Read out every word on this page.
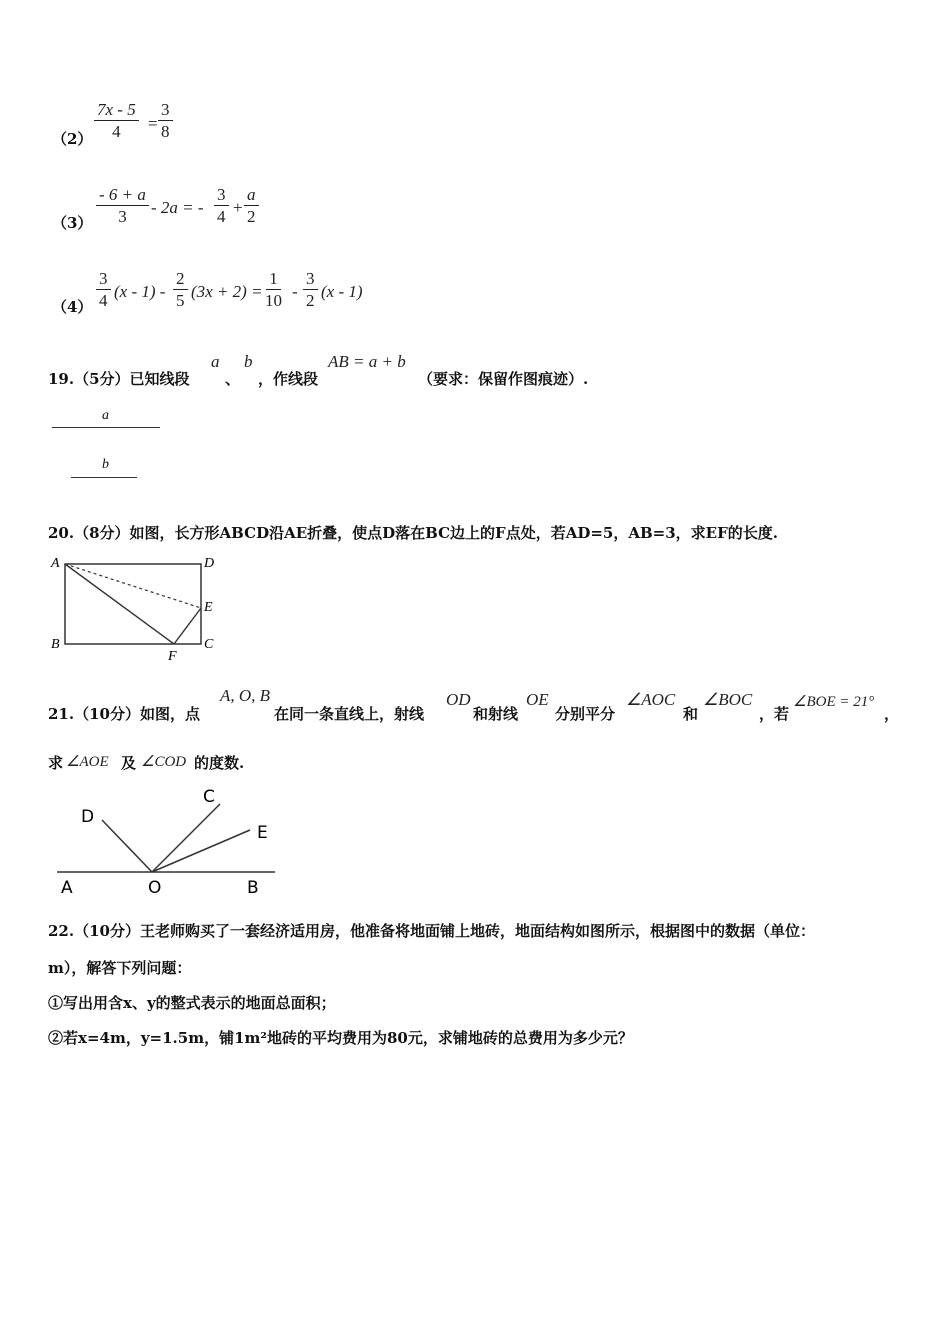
$(2) \frac{7x - 5}{4} = \frac{3}{8}$
$(3) \frac{- 6 + a}{3} - 2a$ = - $\frac{3}{4} + \frac{a}{2}$
$(4) \frac{3}{4} (x - 1) - \frac{2}{5} (3x + 2) = \frac{1}{10} - \frac{3}{2} (x - 1)$
19.（5分）已知线段
a
、
b
，作线段
AB = a + b
（要求：保留作图痕迹）.
a
b
20.（8分）如图，长方形ABCD沿AE折叠，使点D落在BC边上的F点处，若AD=5，AB=3，求EF的长度.
A	D
E
B
F
C
21.（10分）如图，点
A, O, B
在同一条直线上，射线
OD
和射线
OE
分别平分
∠AOC
和
∠BOC
，若
∠BOE = 21°
，
求 ∠AOE 及 ∠COD 的度数.
D
C
E
A	O	B
22.（10分）王老师购买了一套经济适用房，他准备将地面铺上地砖，地面结构如图所示，根据图中的数据（单位：
m），解答下列问题：
①写出用含x、y的整式表示的地面总面积；
②若x=4m，y=1.5m，铺1m²地砖的平均费用为80元，求铺地砖的总费用为多少元？
